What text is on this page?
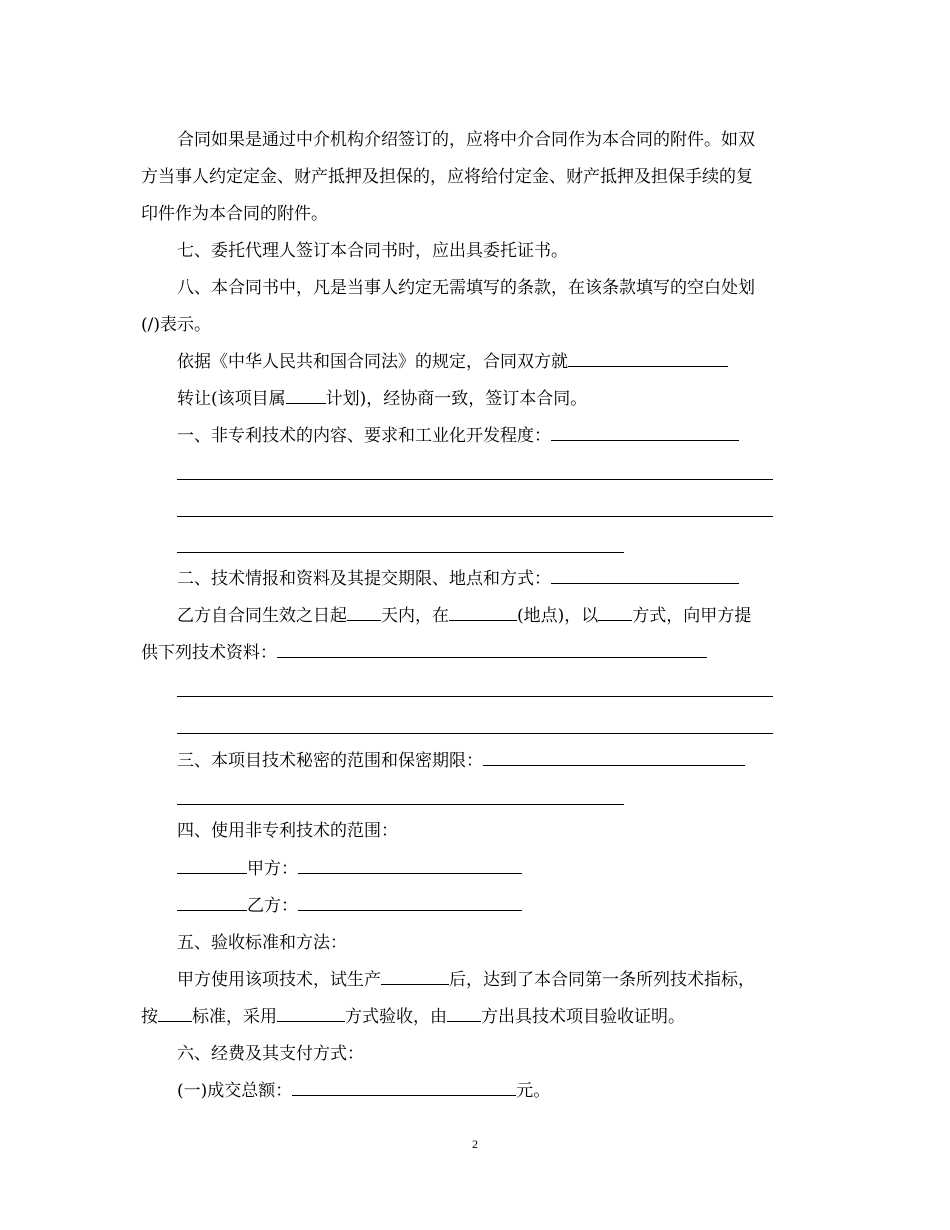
合同如果是通过中介机构介绍签订的，应将中介合同作为本合同的附件。如双
方当事人约定定金、财产抵押及担保的，应将给付定金、财产抵押及担保手续的复
印件作为本合同的附件。
七、委托代理人签订本合同书时，应出具委托证书。
八、本合同书中，凡是当事人约定无需填写的条款，在该条款填写的空白处划
(/)表示。
依据《中华人民共和国合同法》的规定，合同双方就
转让(该项目属 计划)，经协商一致，签订本合同。
一、非专利技术的内容、要求和工业化开发程度：
二、技术情报和资料及其提交期限、地点和方式：
乙方自合同生效之日起 天内，在	(地点)，以 方式，向甲方提
供下列技术资料：
三、本项目技术秘密的范围和保密期限：
四、使用非专利技术的范围：
甲方：
乙方：
五、验收标准和方法：
甲方使用该项技术，试生产	后，达到了本合同第一条所列技术指标，
按 标准，采用	方式验收，由 方出具技术项目验收证明。
六、经费及其支付方式：
(一)成交总额：	元。
2
